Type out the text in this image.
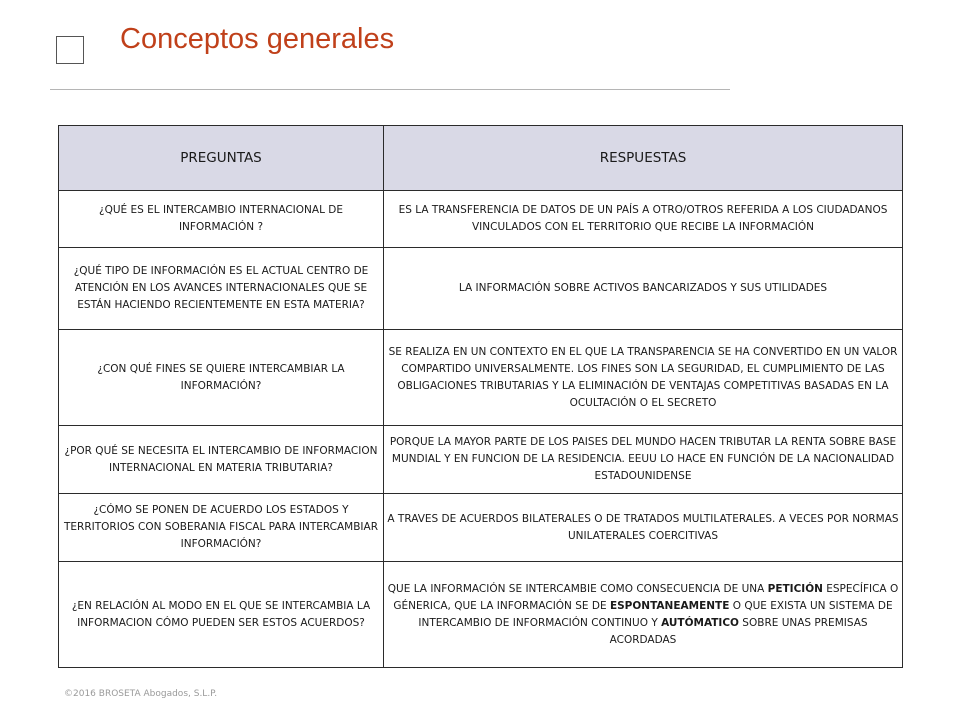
Conceptos generales
PREGUNTAS	RESPUESTAS
¿QUÉ ES EL INTERCAMBIO INTERNACIONAL DE INFORMACIÓN ?	ES LA TRANSFERENCIA DE DATOS DE UN PAÍS A OTRO/OTROS REFERIDA A LOS CIUDADANOS VINCULADOS CON EL TERRITORIO QUE RECIBE LA INFORMACIÓN
¿QUÉ TIPO DE INFORMACIÓN ES EL ACTUAL CENTRO DE ATENCIÓN EN LOS AVANCES INTERNACIONALES QUE SE ESTÁN HACIENDO RECIENTEMENTE EN ESTA MATERIA?	LA INFORMACIÓN SOBRE ACTIVOS BANCARIZADOS Y SUS UTILIDADES
¿CON QUÉ FINES SE QUIERE INTERCAMBIAR LA INFORMACIÓN?	SE REALIZA EN UN CONTEXTO EN EL QUE LA TRANSPARENCIA SE HA CONVERTIDO EN UN VALOR COMPARTIDO UNIVERSALMENTE. LOS FINES SON LA SEGURIDAD, EL CUMPLIMIENTO DE LAS OBLIGACIONES TRIBUTARIAS Y LA ELIMINACIÓN DE VENTAJAS COMPETITIVAS BASADAS EN LA OCULTACIÓN O EL SECRETO
¿POR QUÉ SE NECESITA EL INTERCAMBIO DE INFORMACION INTERNACIONAL EN MATERIA TRIBUTARIA?	PORQUE LA MAYOR PARTE DE LOS PAISES DEL MUNDO HACEN TRIBUTAR LA RENTA SOBRE BASE MUNDIAL Y EN FUNCION DE LA RESIDENCIA. EEUU LO HACE EN FUNCIÓN DE LA NACIONALIDAD ESTADOUNIDENSE
¿CÓMO SE PONEN DE ACUERDO LOS ESTADOS Y TERRITORIOS CON SOBERANIA FISCAL PARA INTERCAMBIAR INFORMACIÓN?	A TRAVES DE ACUERDOS BILATERALES O DE TRATADOS MULTILATERALES. A VECES POR NORMAS UNILATERALES COERCITIVAS
¿EN RELACIÓN AL MODO EN EL QUE SE INTERCAMBIA LA INFORMACION CÓMO PUEDEN SER ESTOS ACUERDOS?	QUE LA INFORMACIÓN SE INTERCAMBIE COMO CONSECUENCIA DE UNA PETICIÓN ESPECÍFICA O GÉNERICA, QUE LA INFORMACIÓN SE DE ESPONTANEAMENTE O QUE EXISTA UN SISTEMA DE INTERCAMBIO DE INFORMACIÓN CONTINUO Y AUTÓMATICO SOBRE UNAS PREMISAS ACORDADAS
©2016 BROSETA Abogados, S.L.P.
